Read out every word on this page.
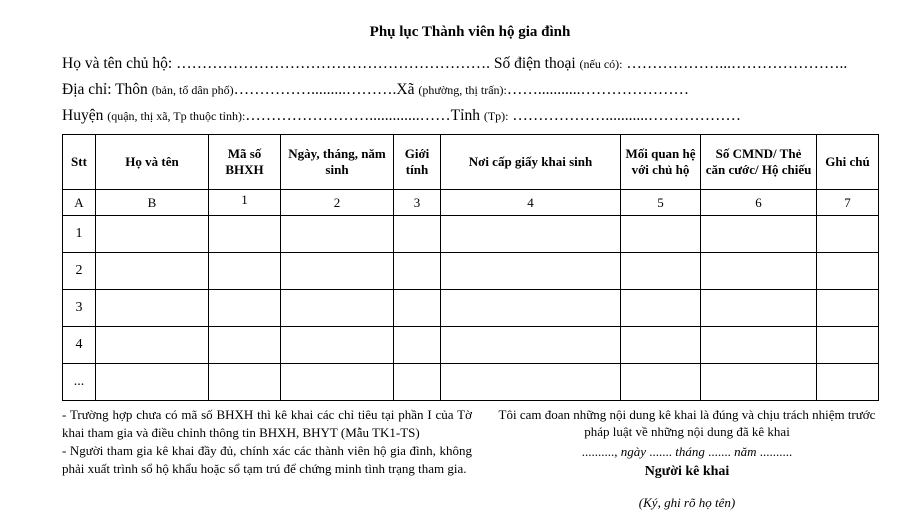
Phụ lục Thành viên hộ gia đình
Họ và tên chủ hộ: ……………………………………………………. Số điện thoại (nếu có): ………………...…………………..
Địa chỉ: Thôn (bản, tổ dân phố)…………….........……….Xã (phường, thị trấn):……...........…………………
Huyện (quận, thị xã, Tp thuộc tỉnh):…………………….............……Tỉnh (Tp): ………………...........………………
Stt	Họ và tên	Mã số BHXH	Ngày, tháng, năm sinh	Giới tính	Nơi cấp giấy khai sinh	Mối quan hệ với chủ hộ	Số CMND/ Thẻ căn cước/ Hộ chiếu	Ghi chú
A	B	1	2	3	4	5	6	7
1								
2								
3								
4								
...								

- Trường hợp chưa có mã số BHXH thì kê khai các chỉ tiêu tại phần I của Tờ khai tham gia và điều chỉnh thông tin BHXH, BHYT (Mẫu TK1-TS)

- Người tham gia kê khai đầy đủ, chính xác các thành viên hộ gia đình, không phải xuất trình sổ hộ khẩu hoặc sổ tạm trú để chứng minh tình trạng tham gia.

Tôi cam đoan những nội dung kê khai là đúng và chịu trách nhiệm trước pháp luật về những nội dung đã kê khai
.........., ngày ....... tháng ....... năm ..........
Người kê khai
(Ký, ghi rõ họ tên)
